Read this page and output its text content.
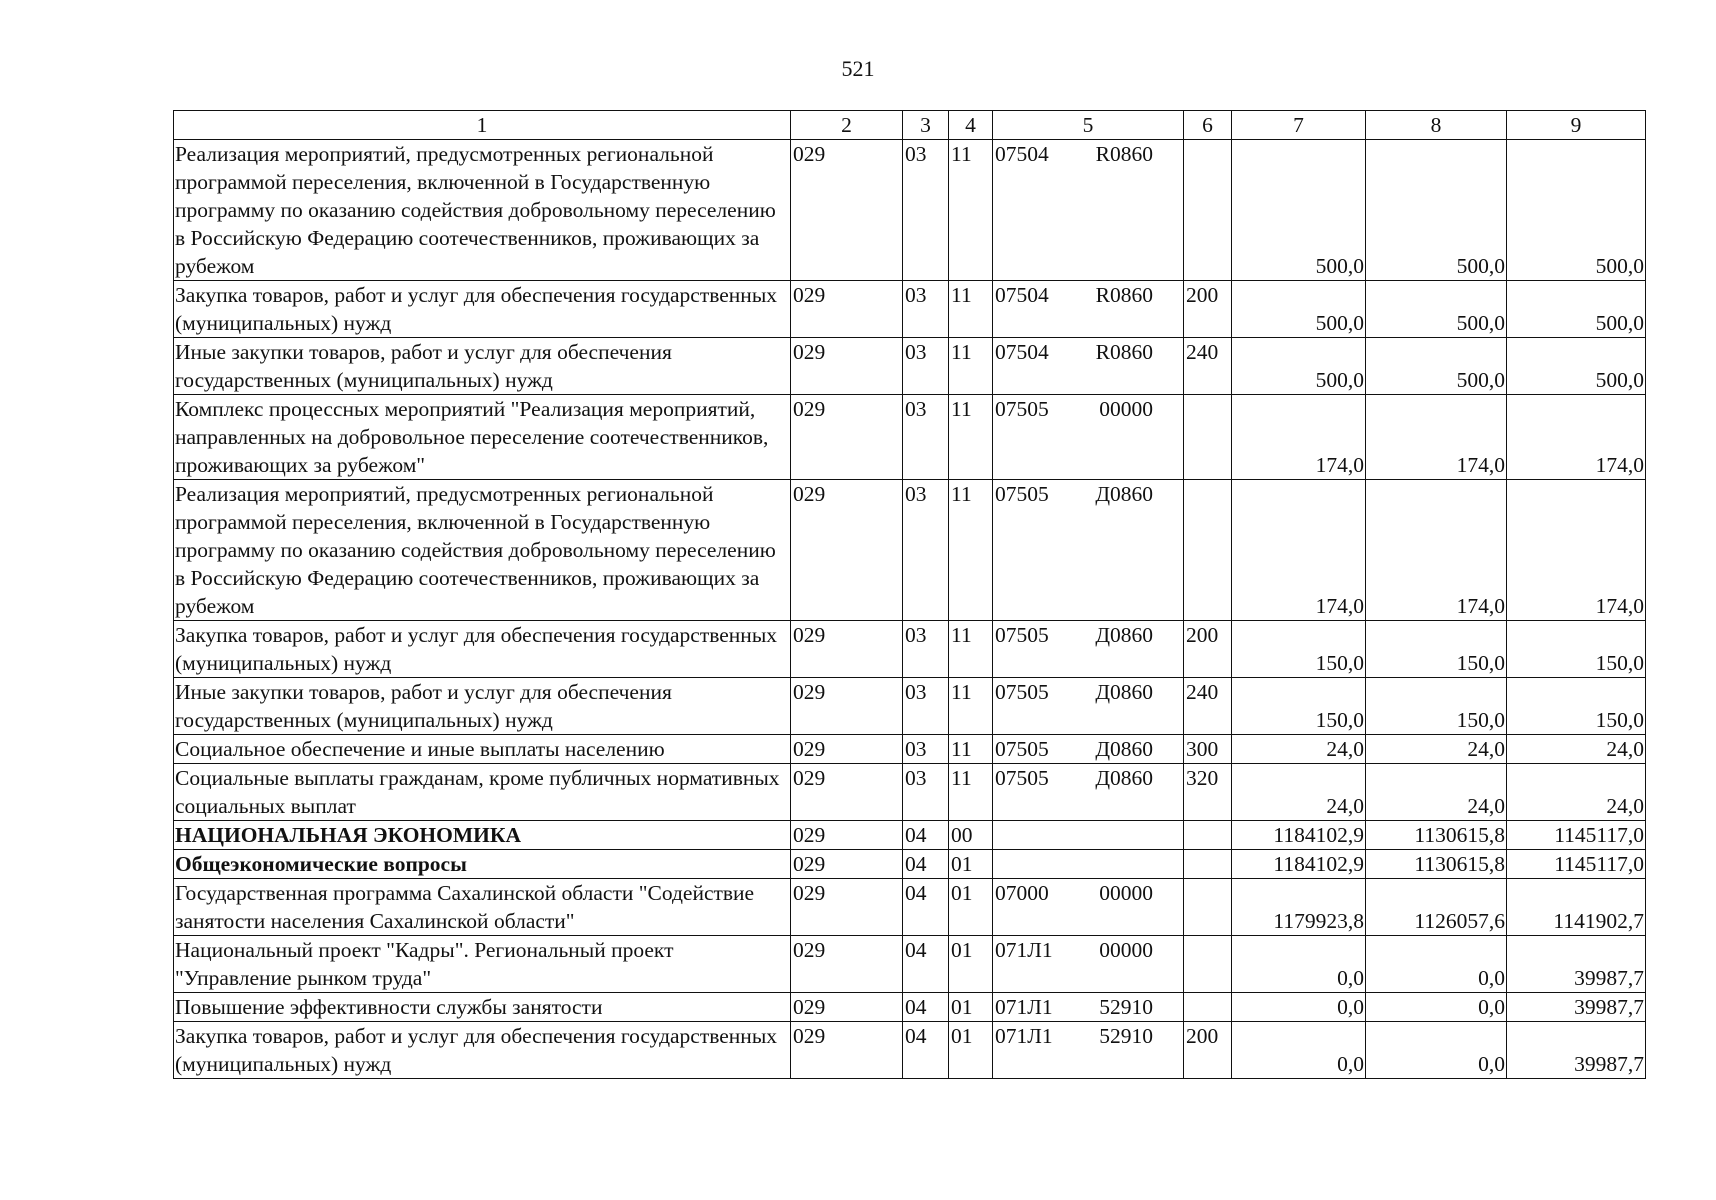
521
1	2	3	4	5	6	7	8	9
Реализация мероприятий, предусмотренных региональной программой переселения, включенной в Государственную программу по оказанию содействия добровольному переселению в Российскую Федерацию соотечественников, проживающих за рубежом	029	03	11	07504 R0860		500,0	500,0	500,0
Закупка товаров, работ и услуг для обеспечения государственных (муниципальных) нужд	029	03	11	07504 R0860	200	500,0	500,0	500,0
Иные закупки товаров, работ и услуг для обеспечения государственных (муниципальных) нужд	029	03	11	07504 R0860	240	500,0	500,0	500,0
Комплекс процессных мероприятий "Реализация мероприятий, направленных на добровольное переселение соотечественников, проживающих за рубежом"	029	03	11	07505 00000		174,0	174,0	174,0
Реализация мероприятий, предусмотренных региональной программой переселения, включенной в Государственную программу по оказанию содействия добровольному переселению в Российскую Федерацию соотечественников, проживающих за рубежом	029	03	11	07505 Д0860		174,0	174,0	174,0
Закупка товаров, работ и услуг для обеспечения государственных (муниципальных) нужд	029	03	11	07505 Д0860	200	150,0	150,0	150,0
Иные закупки товаров, работ и услуг для обеспечения государственных (муниципальных) нужд	029	03	11	07505 Д0860	240	150,0	150,0	150,0
Социальное обеспечение и иные выплаты населению	029	03	11	07505 Д0860	300	24,0	24,0	24,0
Социальные выплаты гражданам, кроме публичных нормативных социальных выплат	029	03	11	07505 Д0860	320	24,0	24,0	24,0
НАЦИОНАЛЬНАЯ ЭКОНОМИКА	029	04	00			1184102,9	1130615,8	1145117,0
Общеэкономические вопросы	029	04	01			1184102,9	1130615,8	1145117,0
Государственная программа Сахалинской области "Содействие занятости населения Сахалинской области"	029	04	01	07000 00000		1179923,8	1126057,6	1141902,7
Национальный проект "Кадры". Региональный проект "Управление рынком труда"	029	04	01	071Л1 00000		0,0	0,0	39987,7
Повышение эффективности службы занятости	029	04	01	071Л1 52910		0,0	0,0	39987,7
Закупка товаров, работ и услуг для обеспечения государственных (муниципальных) нужд	029	04	01	071Л1 52910	200	0,0	0,0	39987,7
